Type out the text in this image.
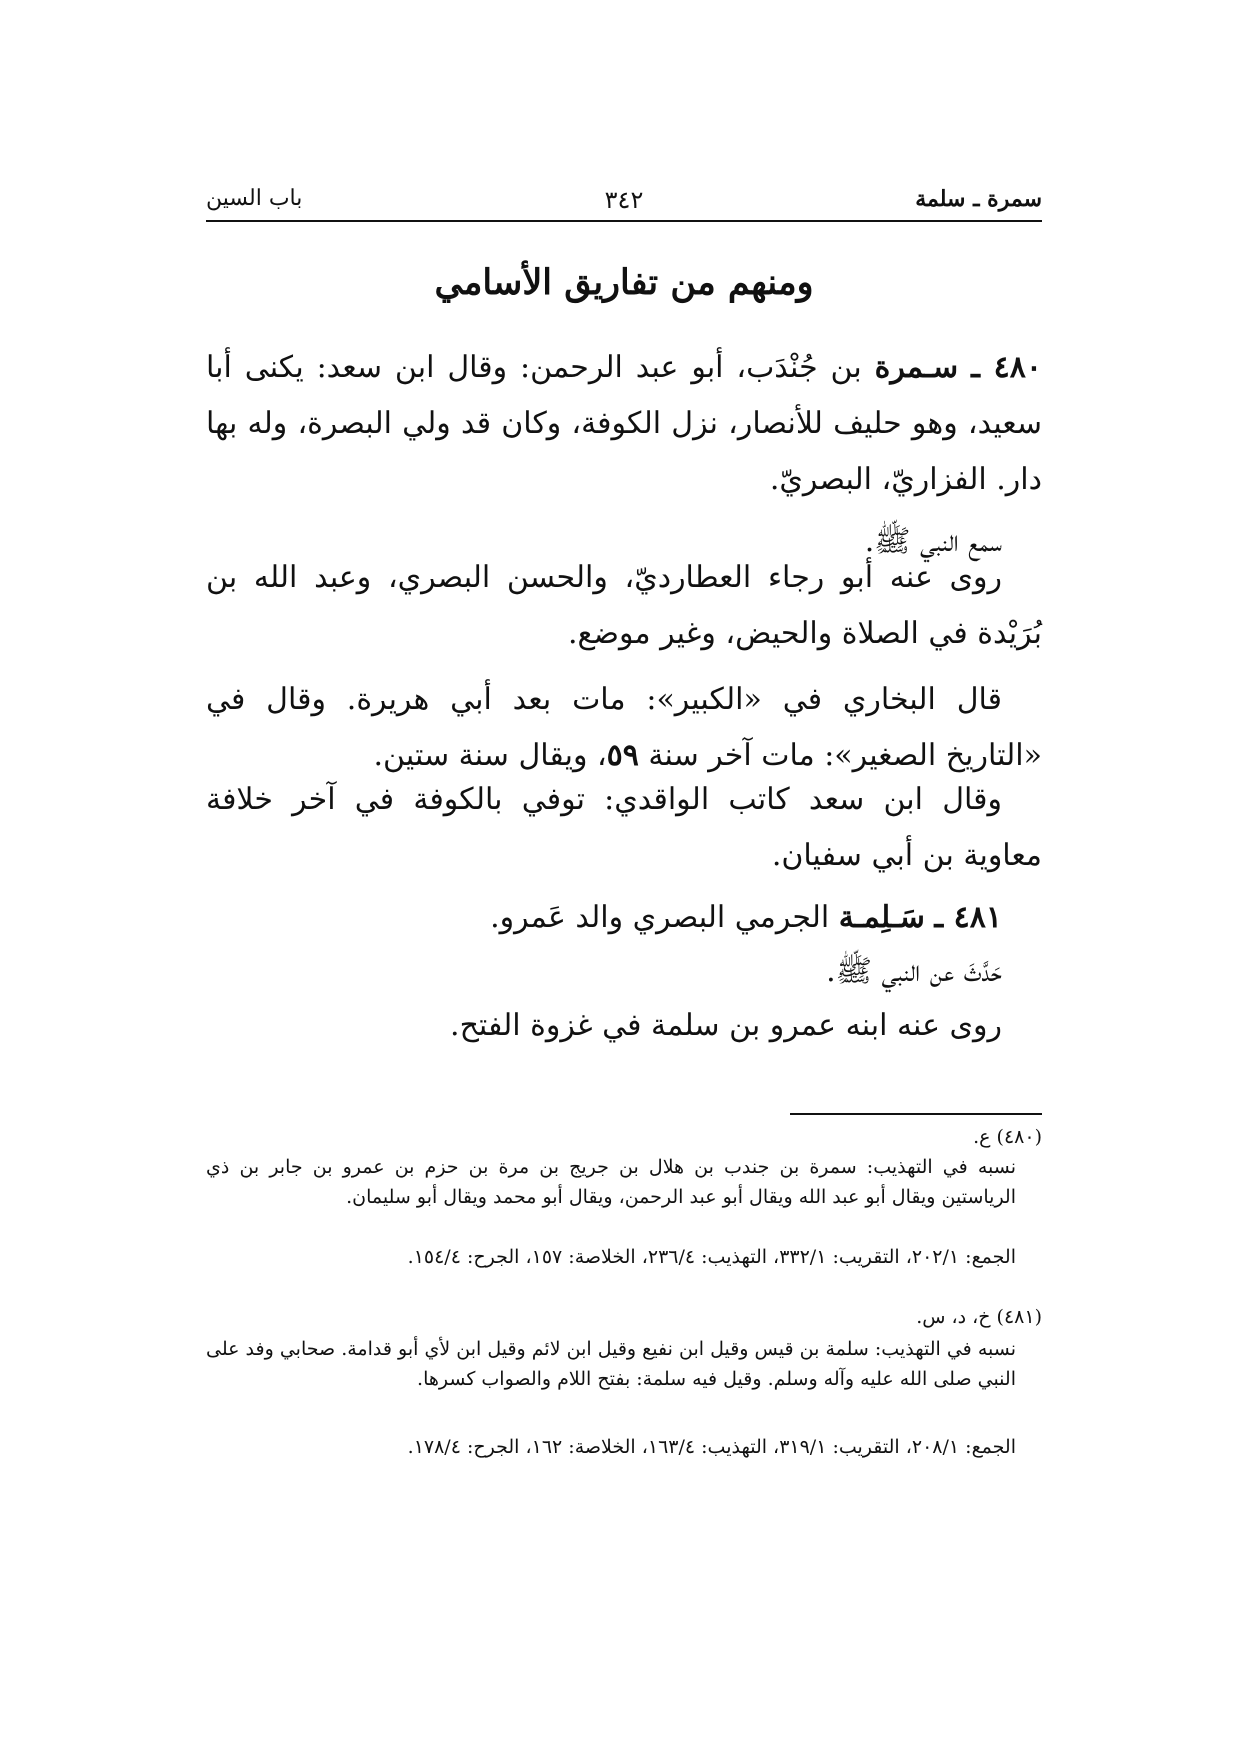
سمرة ـ سلمة
٣٤٢
باب السين
ومنهم من تفاريق الأسامي

٤٨٠ ـ سـمرة بن جُنْدَب، أبو عبد الرحمن: وقال ابن سعد: يكنى أبا سعيد، وهو حليف للأنصار، نزل الكوفة، وكان قد ولي البصرة، وله بها دار. الفزاريّ، البصريّ.

سمع النبي ﷺ.

روى عنه أبو رجاء العطارديّ، والحسن البصري، وعبد الله بن بُرَيْدة في الصلاة والحيض، وغير موضع.

قال البخاري في «الكبير»: مات بعد أبي هريرة. وقال في «التاريخ الصغير»: مات آخر سنة ٥٩، ويقال سنة ستين.

وقال ابن سعد كاتب الواقدي: توفي بالكوفة في آخر خلافة معاوية بن أبي سفيان.

٤٨١ ـ سَـلِمـة الجرمي البصري والد عَمرو.

حَدَّثَ عن النبي ﷺ.

روى عنه ابنه عمرو بن سلمة في غزوة الفتح.

(٤٨٠) ع.

نسبه في التهذيب: سمرة بن جندب بن هلال بن جريج بن مرة بن حزم بن عمرو بن جابر بن ذي الرياستين ويقال أبو عبد الله ويقال أبو عبد الرحمن، ويقال أبو محمد ويقال أبو سليمان.

الجمع: ٢٠٢/١، التقريب: ٣٣٢/١، التهذيب: ٢٣٦/٤، الخلاصة: ١٥٧، الجرح: ١٥٤/٤.

(٤٨١) خ، د، س.

نسبه في التهذيب: سلمة بن قيس وقيل ابن نفيع وقيل ابن لائم وقيل ابن لأي أبو قدامة. صحابي وفد على النبي صلى الله عليه وآله وسلم. وقيل فيه سلمة: بفتح اللام والصواب كسرها.

الجمع: ٢٠٨/١، التقريب: ٣١٩/١، التهذيب: ١٦٣/٤، الخلاصة: ١٦٢، الجرح: ١٧٨/٤.
